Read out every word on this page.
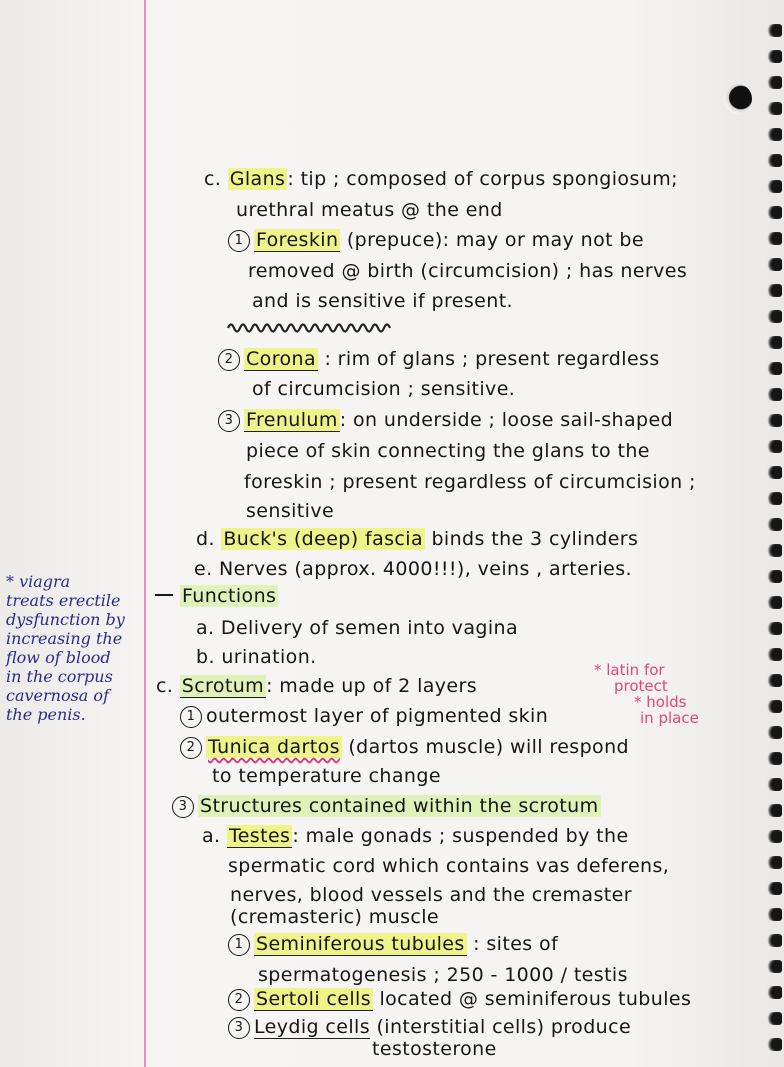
c. Glans : tip ; composed of corpus spongiosum;
urethral meatus @ the end
1 Foreskin (prepuce): may or may not be
removed @ birth (circumcision) ; has nerves
and is sensitive if present.
2 Corona : rim of glans ; present regardless
of circumcision ; sensitive.
3 Frenulum : on underside ; loose sail-shaped
piece of skin connecting the glans to the
foreskin ; present regardless of circumcision ;
sensitive
d. Buck's (deep) fascia binds the 3 cylinders
e. Nerves (approx. 4000!!!), veins , arteries.
Functions
a. Delivery of semen into vagina
b. urination.
c. Scrotum : made up of 2 layers
1 outermost layer of pigmented skin
2 Tunica dartos (dartos muscle) will respond
to temperature change
3 Structures contained within the scrotum
a. Testes : male gonads ; suspended by the
spermatic cord which contains vas deferens,
nerves, blood vessels and the cremaster
(cremasteric) muscle
1 Seminiferous tubules : sites of
spermatogenesis ; 250 - 1000 / testis
2 Sertoli cells located @ seminiferous tubules
3 Leydig cells (interstitial cells) produce
testosterone
* viagra
treats erectile
dysfunction by
increasing the
flow of blood
in the corpus
cavernosa of
the penis.
* latin for
protect
* holds
in place
